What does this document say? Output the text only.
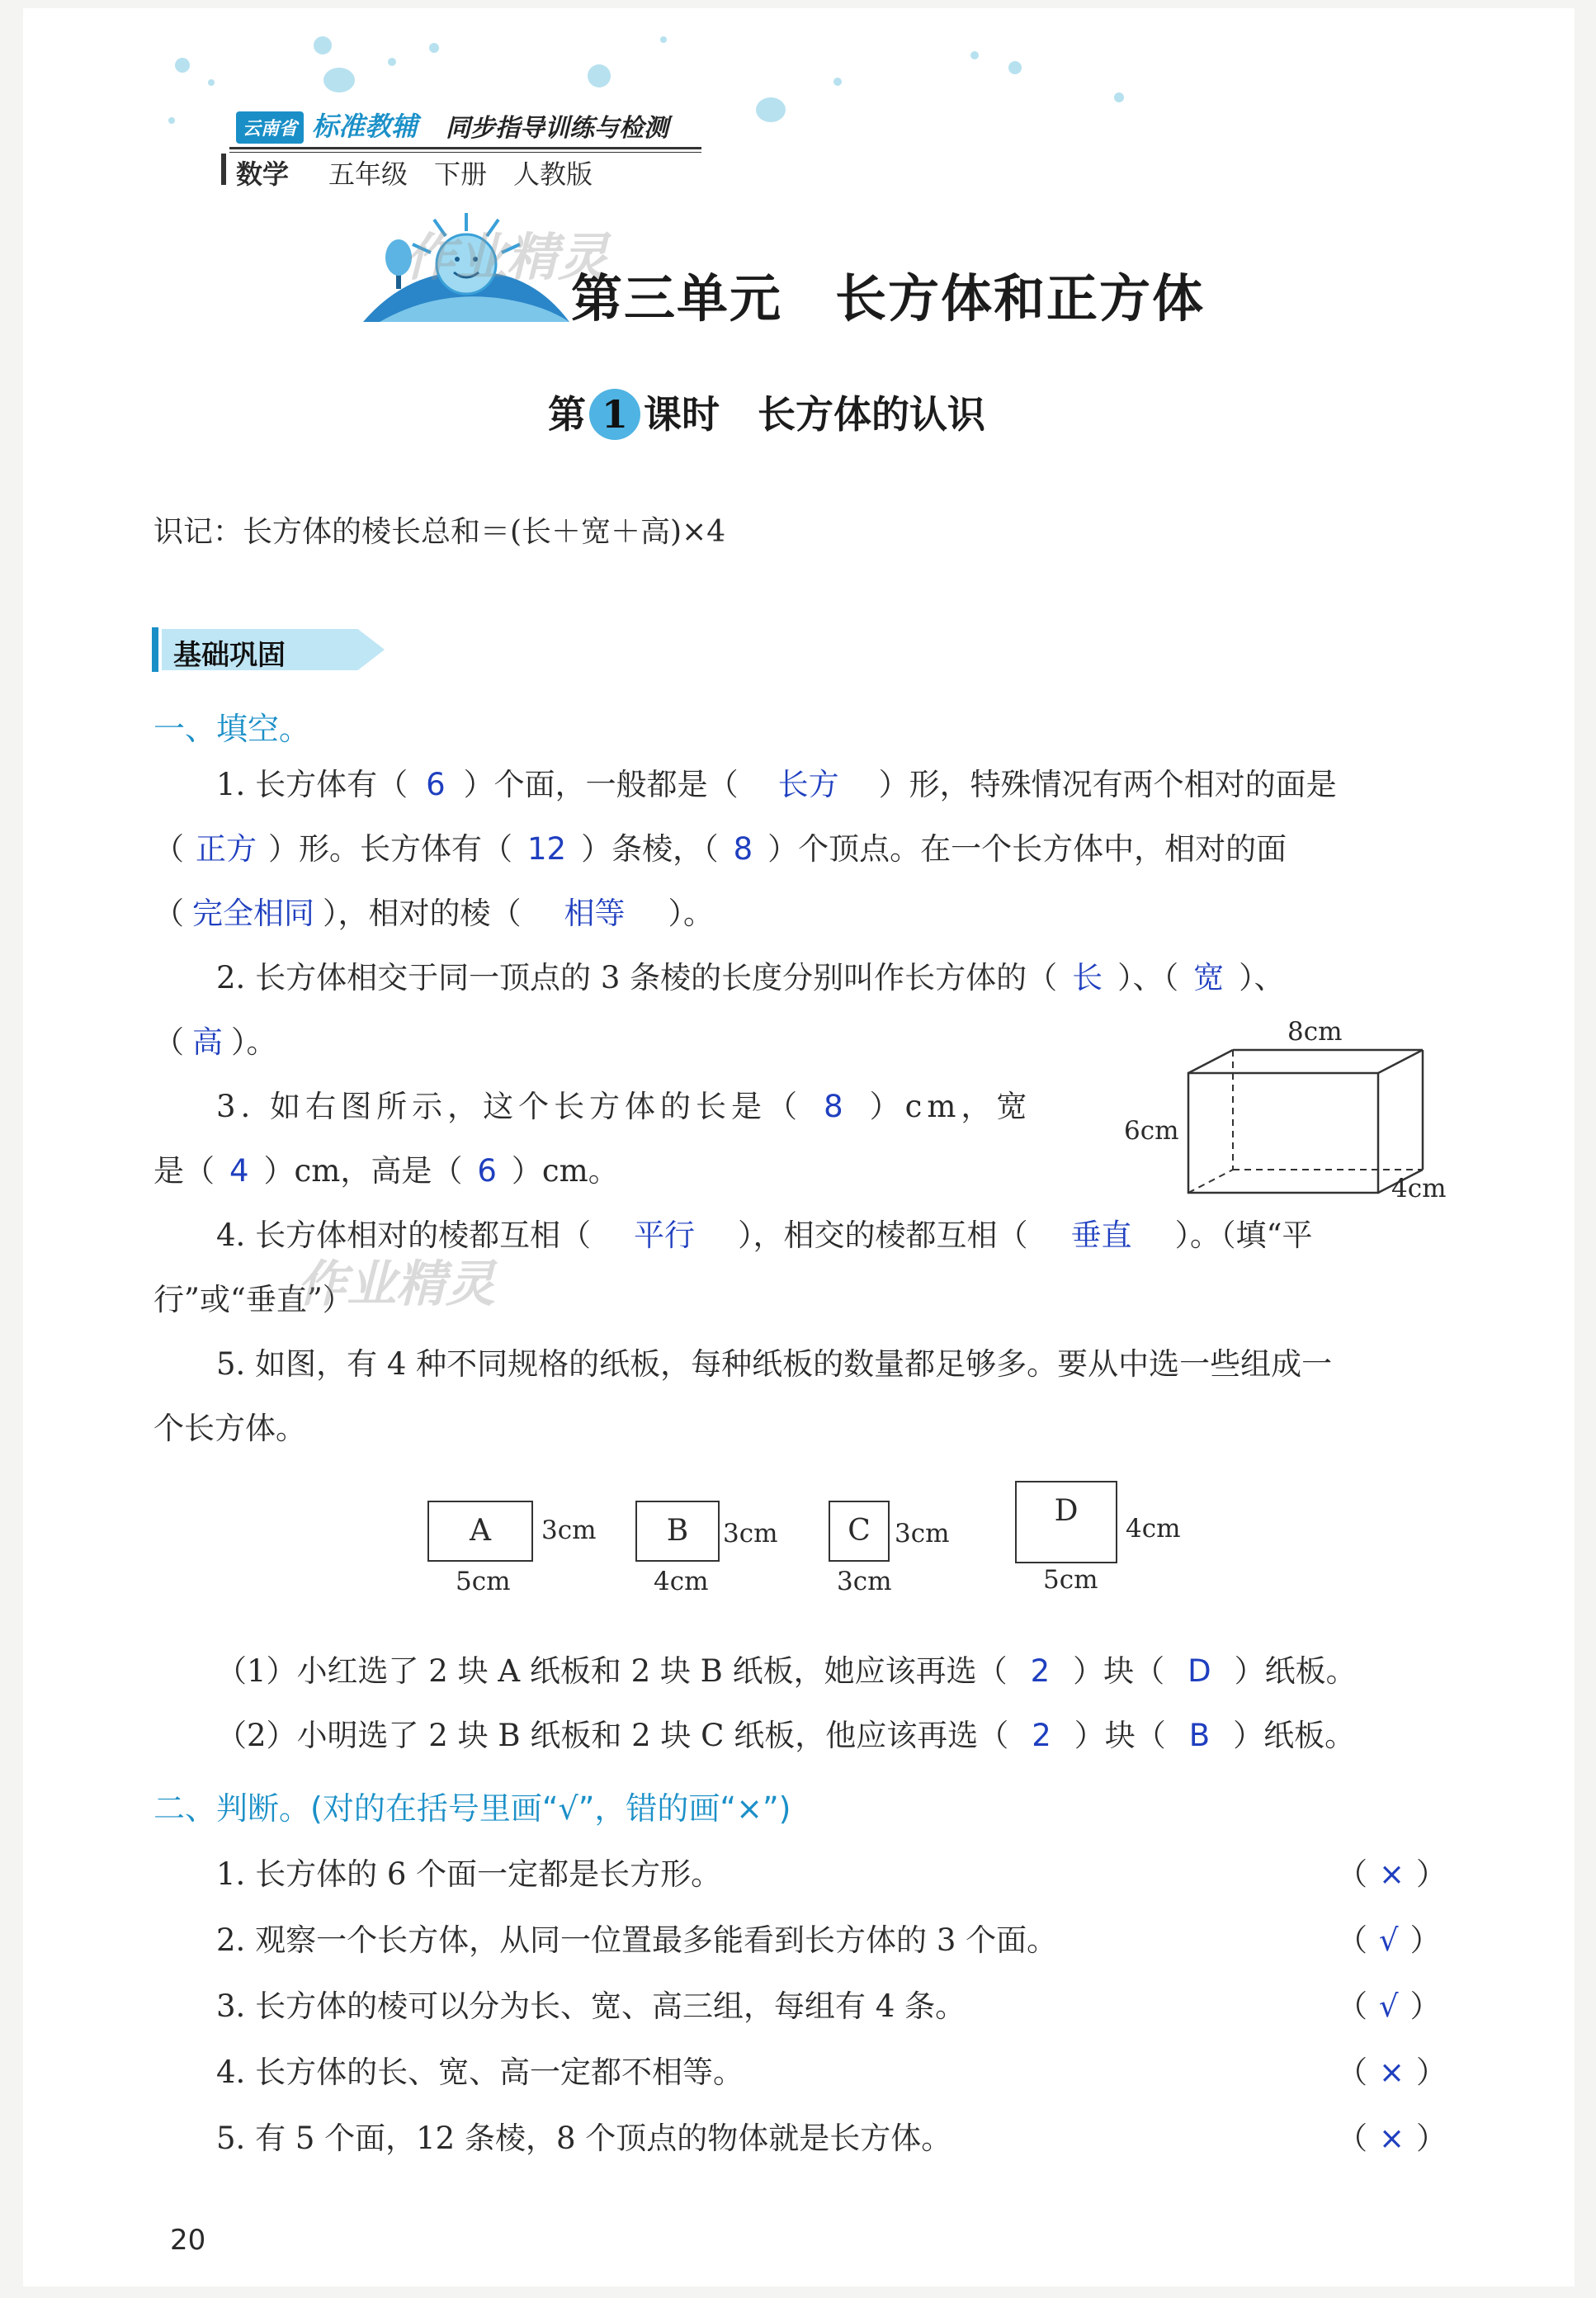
云南省 标准教辅 同步指导训练与检测
数学 五年级　下册　人教版
作业精灵
第三单元　长方体和正方体
第 1 课时　长方体的认识
识记：长方体的棱长总和＝(长＋宽＋高)×4
基础巩固
一、填空。
1. 长方体有（ 6 ）个面，一般都是（ 长方 ）形，特殊情况有两个相对的面是
（ 正方 ）形。长方体有（ 12 ）条棱，（ 8 ）个顶点。在一个长方体中，相对的面
（ 完全相同 ），相对的棱（ 相等 ）。
2. 长方体相交于同一顶点的 3 条棱的长度分别叫作长方体的（ 长 ）、（ 宽 ）、
（ 高 ）。
3. 如右图所示，这个长方体的长是（ 8 ）cm，宽
是（ 4 ）cm，高是（ 6 ）cm。
8cm
6cm
4cm
4. 长方体相对的棱都互相（ 平行 ），相交的棱都互相（ 垂直 ）。（填“平
行”或“垂直”）
作业精灵
5. 如图，有 4 种不同规格的纸板，每种纸板的数量都足够多。要从中选一些组成一
个长方体。
A	3cm
5cm
B	3cm
4cm
C 3cm
3cm
D
4cm
5cm
（1）小红选了 2 块 A 纸板和 2 块 B 纸板，她应该再选（ 2 ）块（ D ）纸板。
（2）小明选了 2 块 B 纸板和 2 块 C 纸板，他应该再选（ 2 ）块（ B ）纸板。
二、判断。(对的在括号里画“√”，错的画“×”)
1. 长方体的 6 个面一定都是长方形。	（ × ）
2. 观察一个长方体，从同一位置最多能看到长方体的 3 个面。	（ √ ）
3. 长方体的棱可以分为长、宽、高三组，每组有 4 条。	（ √ ）
4. 长方体的长、宽、高一定都不相等。	（ × ）
5. 有 5 个面，12 条棱，8 个顶点的物体就是长方体。	（ × ）
20
